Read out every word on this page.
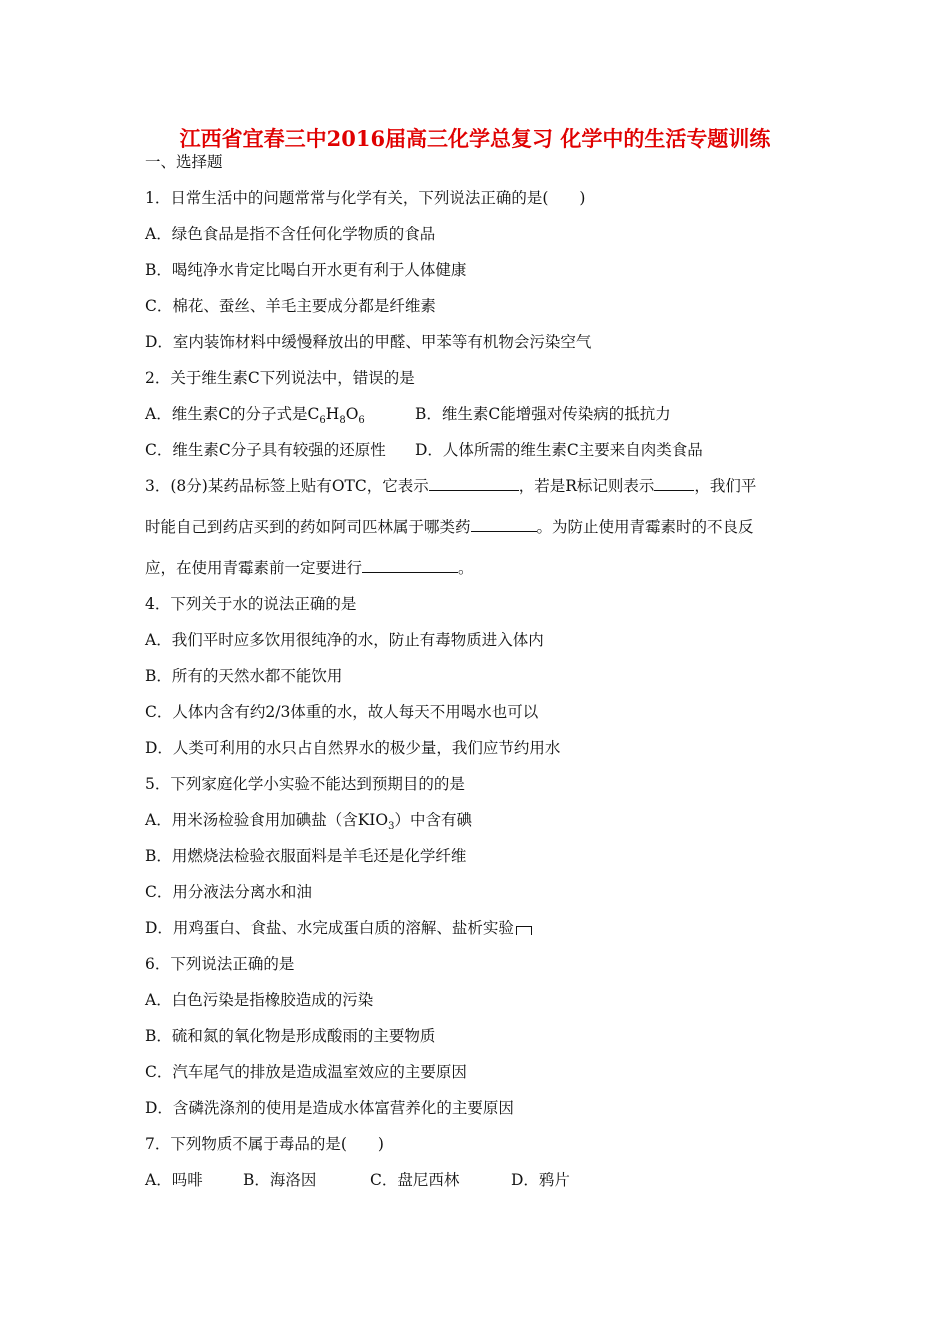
江西省宜春三中2016届高三化学总复习 化学中的生活专题训练
一、选择题
1．日常生活中的问题常常与化学有关，下列说法正确的是(　　)
A．绿色食品是指不含任何化学物质的食品
B．喝纯净水肯定比喝白开水更有利于人体健康
C．棉花、蚕丝、羊毛主要成分都是纤维素
D．室内装饰材料中缓慢释放出的甲醛、甲苯等有机物会污染空气
2．关于维生素C下列说法中，错误的是
A．维生素C的分子式是$C_6H_8O_6$	B．维生素C能增强对传染病的抵抗力
C．维生素C分子具有较强的还原性 D．人体所需的维生素C主要来自肉类食品
3．(8分)某药品标签上贴有OTC，它表示	，若是R标记则表示	，我们平
时能自己到药店买到的药如阿司匹林属于哪类药	。为防止使用青霉素时的不良反
应，在使用青霉素前一定要进行	。
4．下列关于水的说法正确的是
A．我们平时应多饮用很纯净的水，防止有毒物质进入体内
B．所有的天然水都不能饮用
C．人体内含有约2/3体重的水，故人每天不用喝水也可以
D．人类可利用的水只占自然界水的极少量，我们应节约用水
5．下列家庭化学小实验不能达到预期目的的是
A．用米汤检验食用加碘盐（含$KIO_3$）中含有碘
B．用燃烧法检验衣服面料是羊毛还是化学纤维
C．用分液法分离水和油
D．用鸡蛋白、食盐、水完成蛋白质的溶解、盐析实验
6．下列说法正确的是
A．白色污染是指橡胶造成的污染
B．硫和氮的氧化物是形成酸雨的主要物质
C．汽车尾气的排放是造成温室效应的主要原因
D．含磷洗涤剂的使用是造成水体富营养化的主要原因
7．下列物质不属于毒品的是(　　)
A．吗啡	B．海洛因	C．盘尼西林	D．鸦片
